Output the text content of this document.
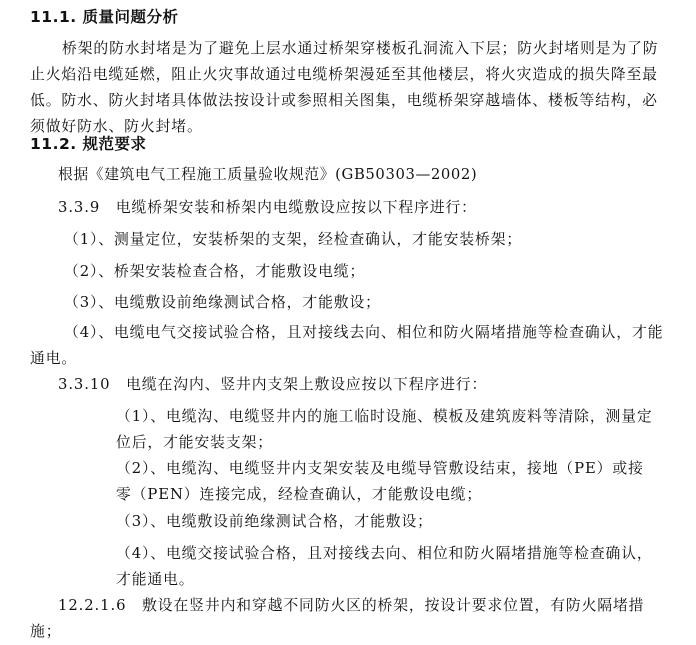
11.1. 质量问题分析
桥架的防水封堵是为了避免上层水通过桥架穿楼板孔洞流入下层；防火封堵则是为了防止火焰沿电缆延燃，阻止火灾事故通过电缆桥架漫延至其他楼层，将火灾造成的损失降至最低。防水、防火封堵具体做法按设计或参照相关图集，电缆桥架穿越墙体、楼板等结构，必须做好防水、防火封堵。
11.2. 规范要求
根据《建筑电气工程施工质量验收规范》(GB50303—2002)
3.3.9　电缆桥架安装和桥架内电缆敷设应按以下程序进行：
（1）、测量定位，安装桥架的支架，经检查确认，才能安装桥架；
（2）、桥架安装检查合格，才能敷设电缆；
（3）、电缆敷设前绝缘测试合格，才能敷设；
（4）、电缆电气交接试验合格，且对接线去向、相位和防火隔堵措施等检查确认，才能通电。
3.3.10　电缆在沟内、竖井内支架上敷设应按以下程序进行：
（1）、电缆沟、电缆竖井内的施工临时设施、模板及建筑废料等清除，测量定位后，才能安装支架；
（2）、电缆沟、电缆竖井内支架安装及电缆导管敷设结束，接地（PE）或接零（PEN）连接完成，经检查确认，才能敷设电缆；
（3）、电缆敷设前绝缘测试合格，才能敷设；
（4）、电缆交接试验合格，且对接线去向、相位和防火隔堵措施等检查确认，才能通电。
12.2.1.6　敷设在竖井内和穿越不同防火区的桥架，按设计要求位置，有防火隔堵措施；
